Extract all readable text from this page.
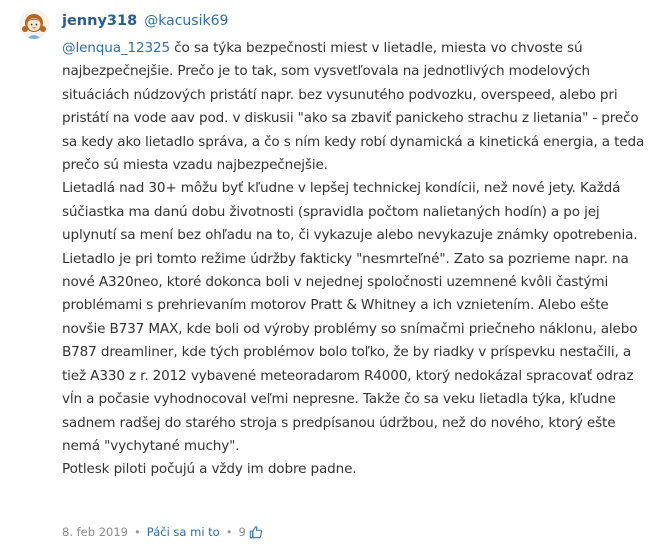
jenny318 @kacusik69
@lenqua_12325 čo sa týka bezpečnosti miest v lietadle, miesta vo chvoste sú najbezpečnejšie. Prečo je to tak, som vysvetľovala na jednotlivých modelových situáciách núdzových pristátí napr. bez vysunutého podvozku, overspeed, alebo pri pristátí na vode aav pod. v diskusii "ako sa zbaviť panickeho strachu z lietania" - prečo sa kedy ako lietadlo správa, a čo s ním kedy robí dynamická a kinetická energia, a teda prečo sú miesta vzadu najbezpečnejšie.
Lietadlá nad 30+ môžu byť kľudne v lepšej technickej kondícii, než nové jety. Každá súčiastka ma danú dobu životnosti (spravidla počtom nalietaných hodín) a po jej uplynutí sa mení bez ohľadu na to, či vykazuje alebo nevykazuje známky opotrebenia. Lietadlo je pri tomto režime údržby fakticky "nesmrteľné". Zato sa pozrieme napr. na nové A320neo, ktoré dokonca boli v nejednej spoločnosti uzemnené kvôli častými problémami s prehrievaním motorov Pratt & Whitney a ich vznietením. Alebo ešte novšie B737 MAX, kde boli od výroby problémy so snímačmi priečneho náklonu, alebo B787 dreamliner, kde tých problémov bolo toľko, že by riadky v príspevku nestačili, a tiež A330 z r. 2012 vybavené meteoradarom R4000, ktorý nedokázal spracovať odraz vĺn a počasie vyhodnocoval veľmi nepresne. Takže čo sa veku lietadla týka, kľudne sadnem radšej do starého stroja s predpísanou údržbou, než do nového, ktorý ešte nemá "vychytané muchy".
Potlesk piloti počujú a vždy im dobre padne.
8. feb 2019 • Páči sa mi to • 9
